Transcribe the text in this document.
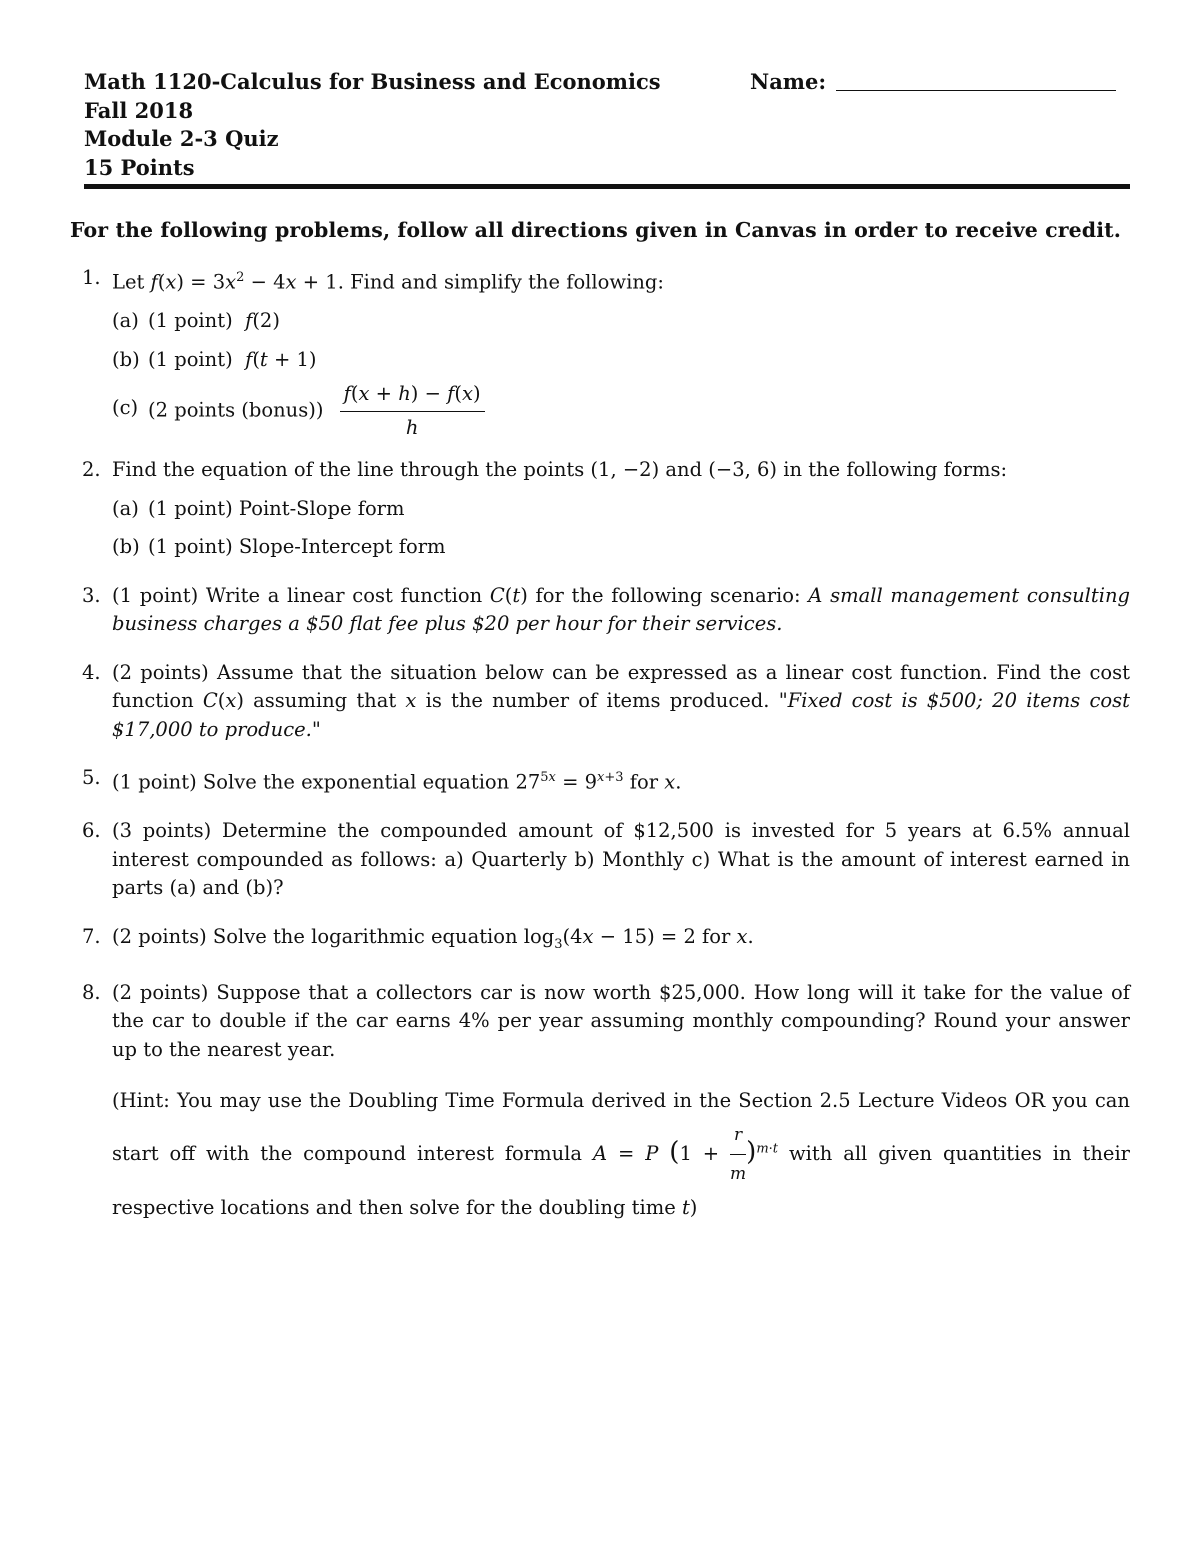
Math 1120-Calculus for Business and Economics
Fall 2018
Module 2-3 Quiz
15 Points
Name:
For the following problems, follow all directions given in Canvas in order to receive credit.
1. Let $f(x) = 3x^2 - 4x + 1$. Find and simplify the following:
(a) (1 point) f(2)
(b) (1 point) f(t + 1)
(c) (2 points (bonus)) $\frac{f(x + h) - f(x)}{h}$
2. Find the equation of the line through the points (1, −2) and (−3, 6) in the following forms:
(a) (1 point) Point-Slope form
(b) (1 point) Slope-Intercept form
3. (1 point) Write a linear cost function C(t) for the following scenario: A small management consulting business charges a $50 flat fee plus $20 per hour for their services.
4. (2 points) Assume that the situation below can be expressed as a linear cost function. Find the cost function C(x) assuming that x is the number of items produced. "Fixed cost is $500; 20 items cost $17,000 to produce."
5. (1 point) Solve the exponential equation $27^{5x} = 9^{x+3}$ for x.
6. (3 points) Determine the compounded amount of $12,500 is invested for 5 years at 6.5% annual interest compounded as follows: a) Quarterly b) Monthly c) What is the amount of interest earned in parts (a) and (b)?
7. (2 points) Solve the logarithmic equation $\log_3(4x - 15) = 2$ for x.
8. (2 points) Suppose that a collectors car is now worth $25,000. How long will it take for the value of the car to double if the car earns 4% per year assuming monthly compounding? Round your answer up to the nearest year.
(Hint: You may use the Doubling Time Formula derived in the Section 2.5 Lecture Videos OR you can start off with the compound interest formula A = P $(1 + \frac{r}{m} )^{m\cdot t}$ with all given quantities in their respective locations and then solve for the doubling time t)
